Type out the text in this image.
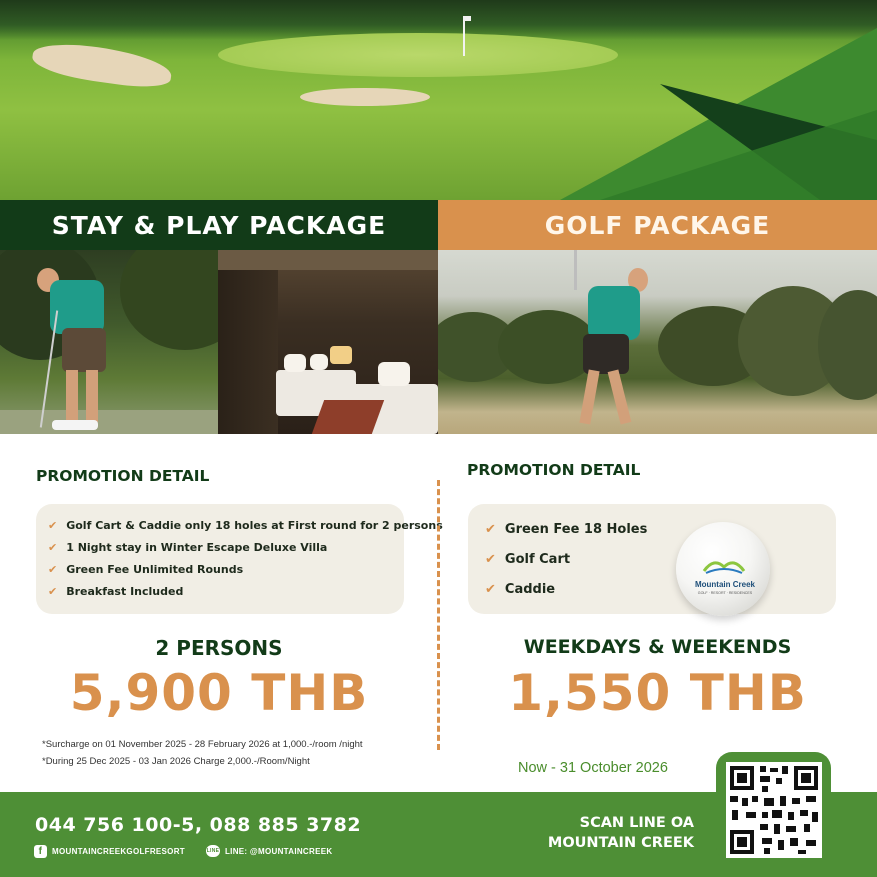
STAY & PLAY PACKAGE	GOLF PACKAGE
PROMOTION DETAIL
✔ Golf Cart & Caddie only 18 holes at First round for 2 persons
✔ 1 Night stay in Winter Escape Deluxe Villa
✔ Green Fee Unlimited Rounds
✔ Breakfast Included
2 PERSONS
5,900 THB
*Surcharge on 01 November 2025 - 28 February 2026 at 1,000.-/room /night
*During 25 Dec 2025 - 03 Jan 2026 Charge 2,000.-/Room/Night
PROMOTION DETAIL
✔ Green Fee 18 Holes
✔ Golf Cart
✔ Caddie	Mountain Creek
GOLF · RESORT · RESIDENCES
WEEKDAYS & WEEKENDS
1,550 THB
Now - 31 October 2026
044 756 100-5, 088 885 3782
f	MOUNTAINCREEKGOLFRESORT	LINE LINE: @MOUNTAINCREEK
SCAN LINE OA
MOUNTAIN CREEK
